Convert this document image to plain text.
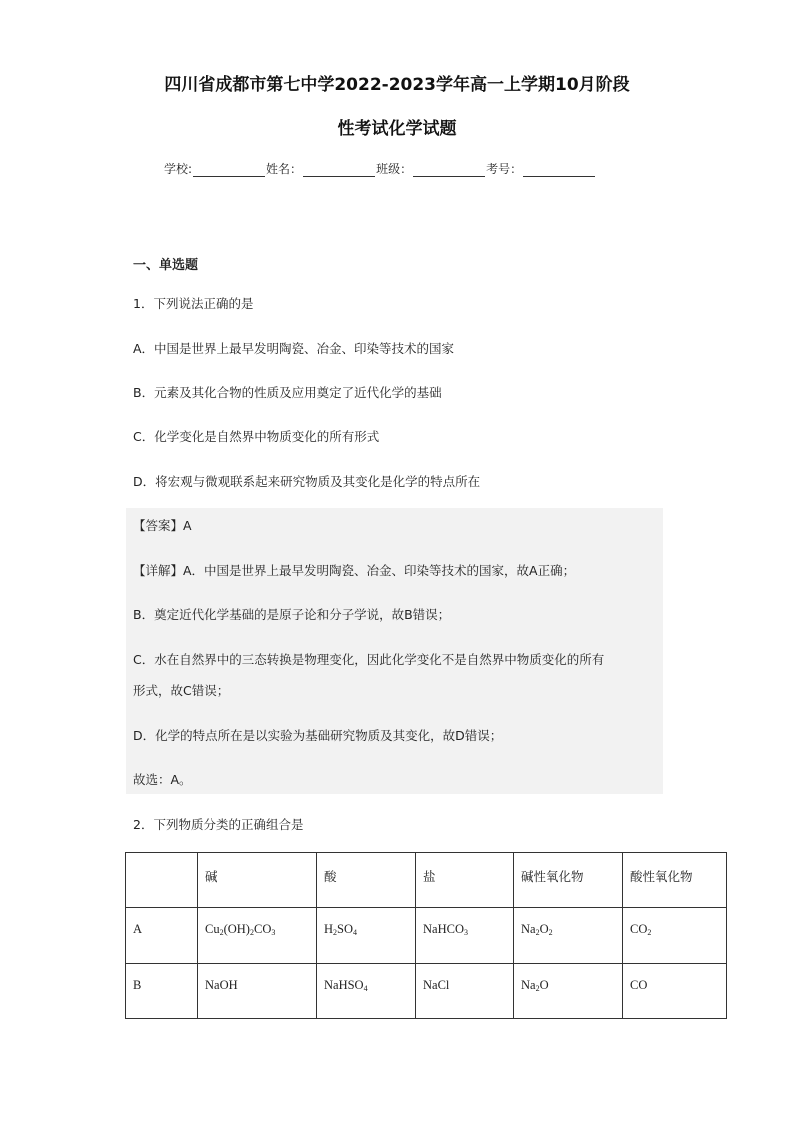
四川省成都市第七中学2022-2023学年高一上学期10月阶段
性考试化学试题
学校:	姓名：	班级：	考号：
一、单选题
1．下列说法正确的是
A．中国是世界上最早发明陶瓷、冶金、印染等技术的国家
B．元素及其化合物的性质及应用奠定了近代化学的基础
C．化学变化是自然界中物质变化的所有形式
D．将宏观与微观联系起来研究物质及其变化是化学的特点所在
【答案】A
【详解】A．中国是世界上最早发明陶瓷、冶金、印染等技术的国家，故A正确；
B．奠定近代化学基础的是原子论和分子学说，故B错误；
C．水在自然界中的三态转换是物理变化，因此化学变化不是自然界中物质变化的所有
形式，故C错误；
D．化学的特点所在是以实验为基础研究物质及其变化，故D错误；
故选：A。
2．下列物质分类的正确组合是
	碱	酸	盐	碱性氧化物	酸性氧化物
A	$Cu_2(OH)_2CO_3$	$H_2SO_4$	NaHCO$_3$	$Na_2O_2$	$CO_2$
B	NaOH	NaHSO$_4$	NaCl	$Na_2O$	CO
